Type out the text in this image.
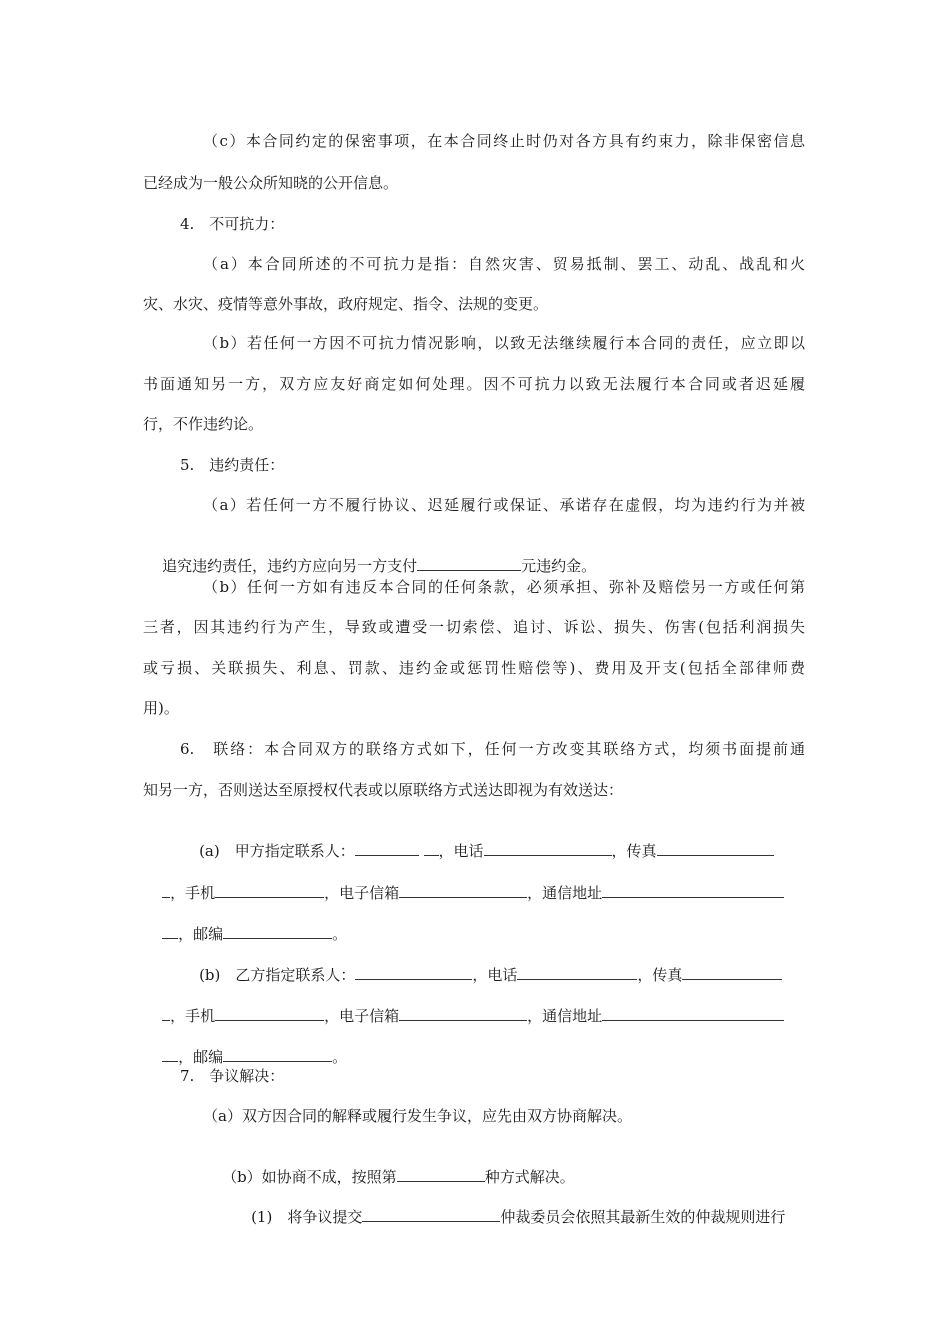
（c）本合同约定的保密事项，在本合同终止时仍对各方具有约束力，除非保密信息
已经成为一般公众所知晓的公开信息。
4.　不可抗力：
（a）本合同所述的不可抗力是指：自然灾害、贸易抵制、罢工、动乱、战乱和火
灾、水灾、疫情等意外事故，政府规定、指令、法规的变更。
（b）若任何一方因不可抗力情况影响，以致无法继续履行本合同的责任，应立即以
书面通知另一方，双方应友好商定如何处理。因不可抗力以致无法履行本合同或者迟延履
行，不作违约论。
5.　违约责任：
（a）若任何一方不履行协议、迟延履行或保证、承诺存在虚假，均为违约行为并被

追究违约责任，违约方应向另一方支付	元违约金。

（b）任何一方如有违反本合同的任何条款，必须承担、弥补及赔偿另一方或任何第
三者，因其违约行为产生，导致或遭受一切索偿、追讨、诉讼、损失、伤害(包括利润损失
或亏损、关联损失、利息、罚款、违约金或惩罚性赔偿等)、费用及开支(包括全部律师费
用)。
6.　联络：本合同双方的联络方式如下，任何一方改变其联络方式，均须书面提前通
知另一方，否则送达至原授权代表或以原联络方式送达即视为有效送达：

(a)　甲方指定联系人：	，电话	，传真

，手机	，电子信箱	，通信地址

，邮编	。

(b)　乙方指定联系人：	，电话	，传真

，手机	，电子信箱	，通信地址

，邮编	。

7.　争议解决：
（a）双方因合同的解释或履行发生争议，应先由双方协商解决。

（b）如协商不成，按照第	种方式解决。

(1)　将争议提交	仲裁委员会依照其最新生效的仲裁规则进行
